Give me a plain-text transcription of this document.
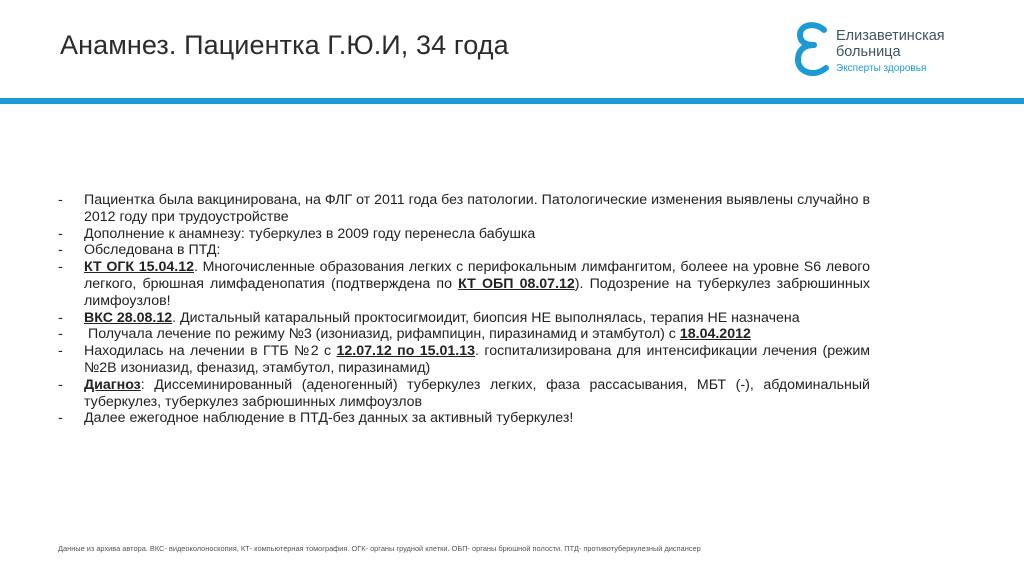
Анамнез. Пациентка Г.Ю.И, 34 года	Елизаветинская
больница
Эксперты здоровья
-	Пациентка была вакцинирована, на ФЛГ от 2011 года без патологии. Патологические изменения выявлены случайно в 2012 году при трудоустройстве
-	Дополнение к анамнезу: туберкулез в 2009 году перенесла бабушка
-	Обследована в ПТД:
-	КТ ОГК 15.04.12. Многочисленные образования легких с перифокальным лимфангитом, болеее на уровне S6 левого легкого, брюшная лимфаденопатия (подтверждена по КТ ОБП 08.07.12). Подозрение на туберкулез забрюшинных лимфоузлов!
-	ВКС 28.08.12. Дистальный катаральный проктосигмоидит, биопсия НЕ выполнялась, терапия НЕ назначена
-	Получала лечение по режиму №3 (изониазид, рифампицин, пиразинамид и этамбутол) с 18.04.2012
-	Находилась на лечении в ГТБ №2 с 12.07.12 по 15.01.13. госпитализирована для интенсификации лечения (режим №2В изониазид, феназид, этамбутол, пиразинамид)
-	Диагноз: Диссеминированный (аденогенный) туберкулез легких, фаза рассасывания, МБТ (-), абдоминальный туберкулез, туберкулез забрюшинных лимфоузлов
-	Далее ежегодное наблюдение в ПТД-без данных за активный туберкулез!
Данные из архива автора. ВКС- видеоколоноскопия, КТ- компьютерная томография. ОГК- органы грудной клетки. ОБП- органы брюшной полости. ПТД- противотуберкулезный диспансер
